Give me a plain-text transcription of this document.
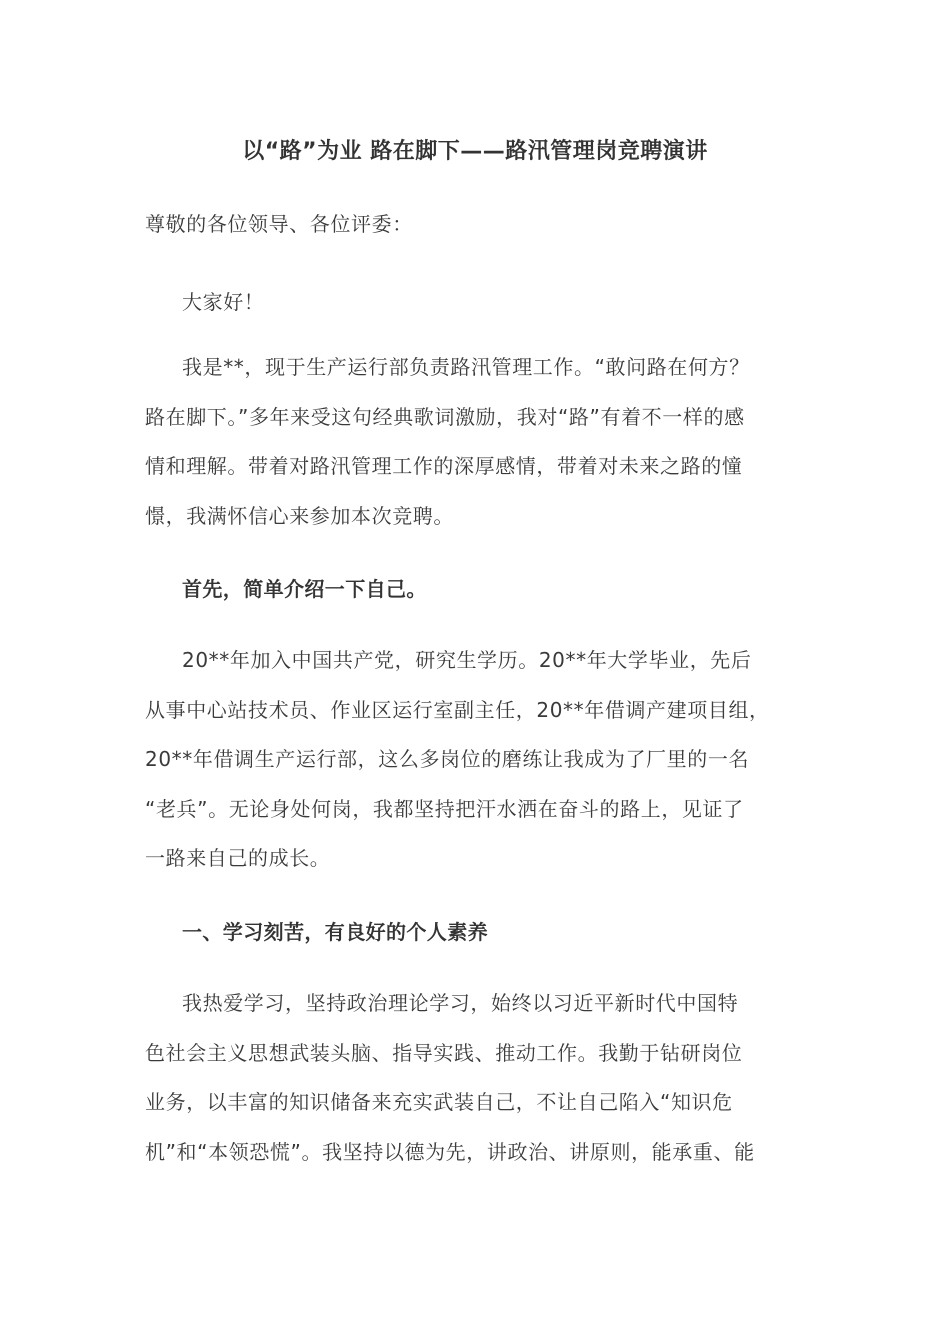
以“路”为业 路在脚下——路汛管理岗竞聘演讲
尊敬的各位领导、各位评委：
大家好！
我是**，现于生产运行部负责路汛管理工作。“敢问路在何方？
路在脚下。”多年来受这句经典歌词激励，我对“路”有着不一样的感
情和理解。带着对路汛管理工作的深厚感情，带着对未来之路的憧
憬，我满怀信心来参加本次竞聘。
首先，简单介绍一下自己。
20**年加入中国共产党，研究生学历。20**年大学毕业，先后
从事中心站技术员、作业区运行室副主任，20**年借调产建项目组，
20**年借调生产运行部，这么多岗位的磨练让我成为了厂里的一名
“老兵”。无论身处何岗，我都坚持把汗水洒在奋斗的路上，见证了
一路来自己的成长。
一、学习刻苦，有良好的个人素养
我热爱学习，坚持政治理论学习，始终以习近平新时代中国特
色社会主义思想武装头脑、指导实践、推动工作。我勤于钻研岗位
业务，以丰富的知识储备来充实武装自己，不让自己陷入“知识危
机”和“本领恐慌”。我坚持以德为先，讲政治、讲原则，能承重、能
